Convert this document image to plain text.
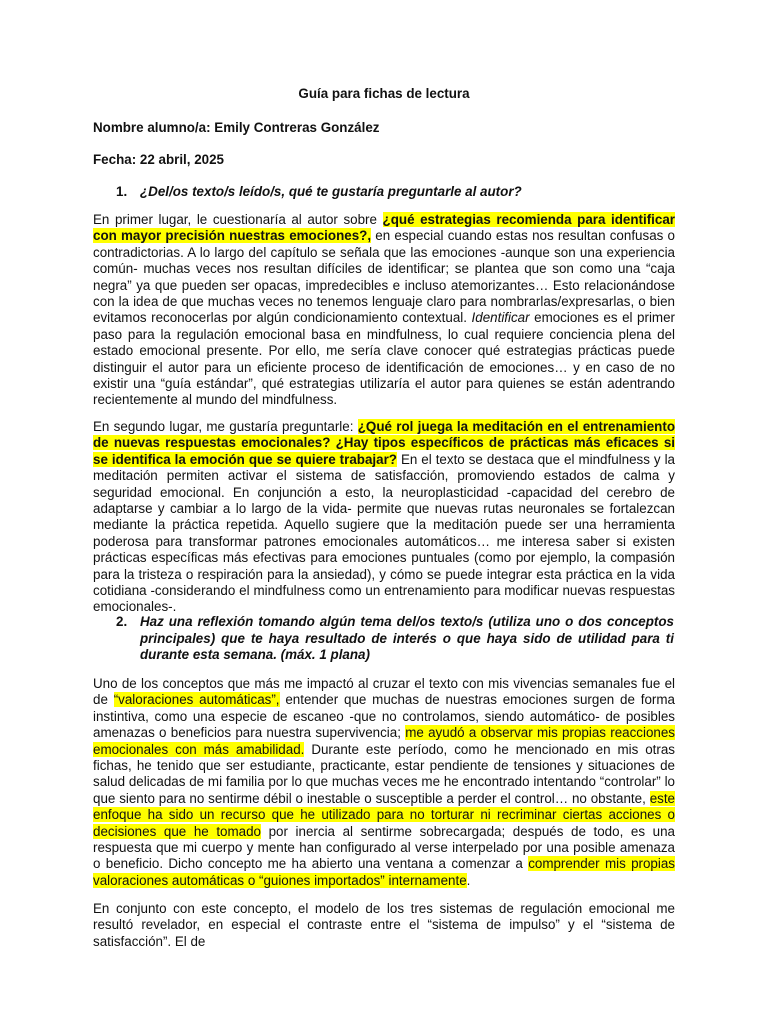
Guía para fichas de lectura
Nombre alumno/a: Emily Contreras González
Fecha: 22 abril, 2025
1. ¿Del/os texto/s leído/s, qué te gustaría preguntarle al autor?
En primer lugar, le cuestionaría al autor sobre ¿qué estrategias recomienda para identificar con mayor precisión nuestras emociones?, en especial cuando estas nos resultan confusas o contradictorias. A lo largo del capítulo se señala que las emociones -aunque son una experiencia común- muchas veces nos resultan difíciles de identificar; se plantea que son como una “caja negra” ya que pueden ser opacas, impredecibles e incluso atemorizantes… Esto relacionándose con la idea de que muchas veces no tenemos lenguaje claro para nombrarlas/expresarlas, o bien evitamos reconocerlas por algún condicionamiento contextual. Identificar emociones es el primer paso para la regulación emocional basa en mindfulness, lo cual requiere conciencia plena del estado emocional presente. Por ello, me sería clave conocer qué estrategias prácticas puede distinguir el autor para un eficiente proceso de identificación de emociones… y en caso de no existir una “guía estándar”, qué estrategias utilizaría el autor para quienes se están adentrando recientemente al mundo del mindfulness.
En segundo lugar, me gustaría preguntarle: ¿Qué rol juega la meditación en el entrenamiento de nuevas respuestas emocionales? ¿Hay tipos específicos de prácticas más eficaces si se identifica la emoción que se quiere trabajar? En el texto se destaca que el mindfulness y la meditación permiten activar el sistema de satisfacción, promoviendo estados de calma y seguridad emocional. En conjunción a esto, la neuroplasticidad -capacidad del cerebro de adaptarse y cambiar a lo largo de la vida- permite que nuevas rutas neuronales se fortalezcan mediante la práctica repetida. Aquello sugiere que la meditación puede ser una herramienta poderosa para transformar patrones emocionales automáticos… me interesa saber si existen prácticas específicas más efectivas para emociones puntuales (como por ejemplo, la compasión para la tristeza o respiración para la ansiedad), y cómo se puede integrar esta práctica en la vida cotidiana -considerando el mindfulness como un entrenamiento para modificar nuevas respuestas emocionales-.
2. Haz una reflexión tomando algún tema del/os texto/s (utiliza uno o dos conceptos principales) que te haya resultado de interés o que haya sido de utilidad para ti durante esta semana. (máx. 1 plana)
Uno de los conceptos que más me impactó al cruzar el texto con mis vivencias semanales fue el de “valoraciones automáticas”, entender que muchas de nuestras emociones surgen de forma instintiva, como una especie de escaneo -que no controlamos, siendo automático- de posibles amenazas o beneficios para nuestra supervivencia; me ayudó a observar mis propias reacciones emocionales con más amabilidad. Durante este período, como he mencionado en mis otras fichas, he tenido que ser estudiante, practicante, estar pendiente de tensiones y situaciones de salud delicadas de mi familia por lo que muchas veces me he encontrado intentando “controlar” lo que siento para no sentirme débil o inestable o susceptible a perder el control… no obstante, este enfoque ha sido un recurso que he utilizado para no torturar ni recriminar ciertas acciones o decisiones que he tomado por inercia al sentirme sobrecargada; después de todo, es una respuesta que mi cuerpo y mente han configurado al verse interpelado por una posible amenaza o beneficio. Dicho concepto me ha abierto una ventana a comenzar a comprender mis propias valoraciones automáticas o “guiones importados” internamente.
En conjunto con este concepto, el modelo de los tres sistemas de regulación emocional me resultó revelador, en especial el contraste entre el “sistema de impulso” y el “sistema de satisfacción”. El de
